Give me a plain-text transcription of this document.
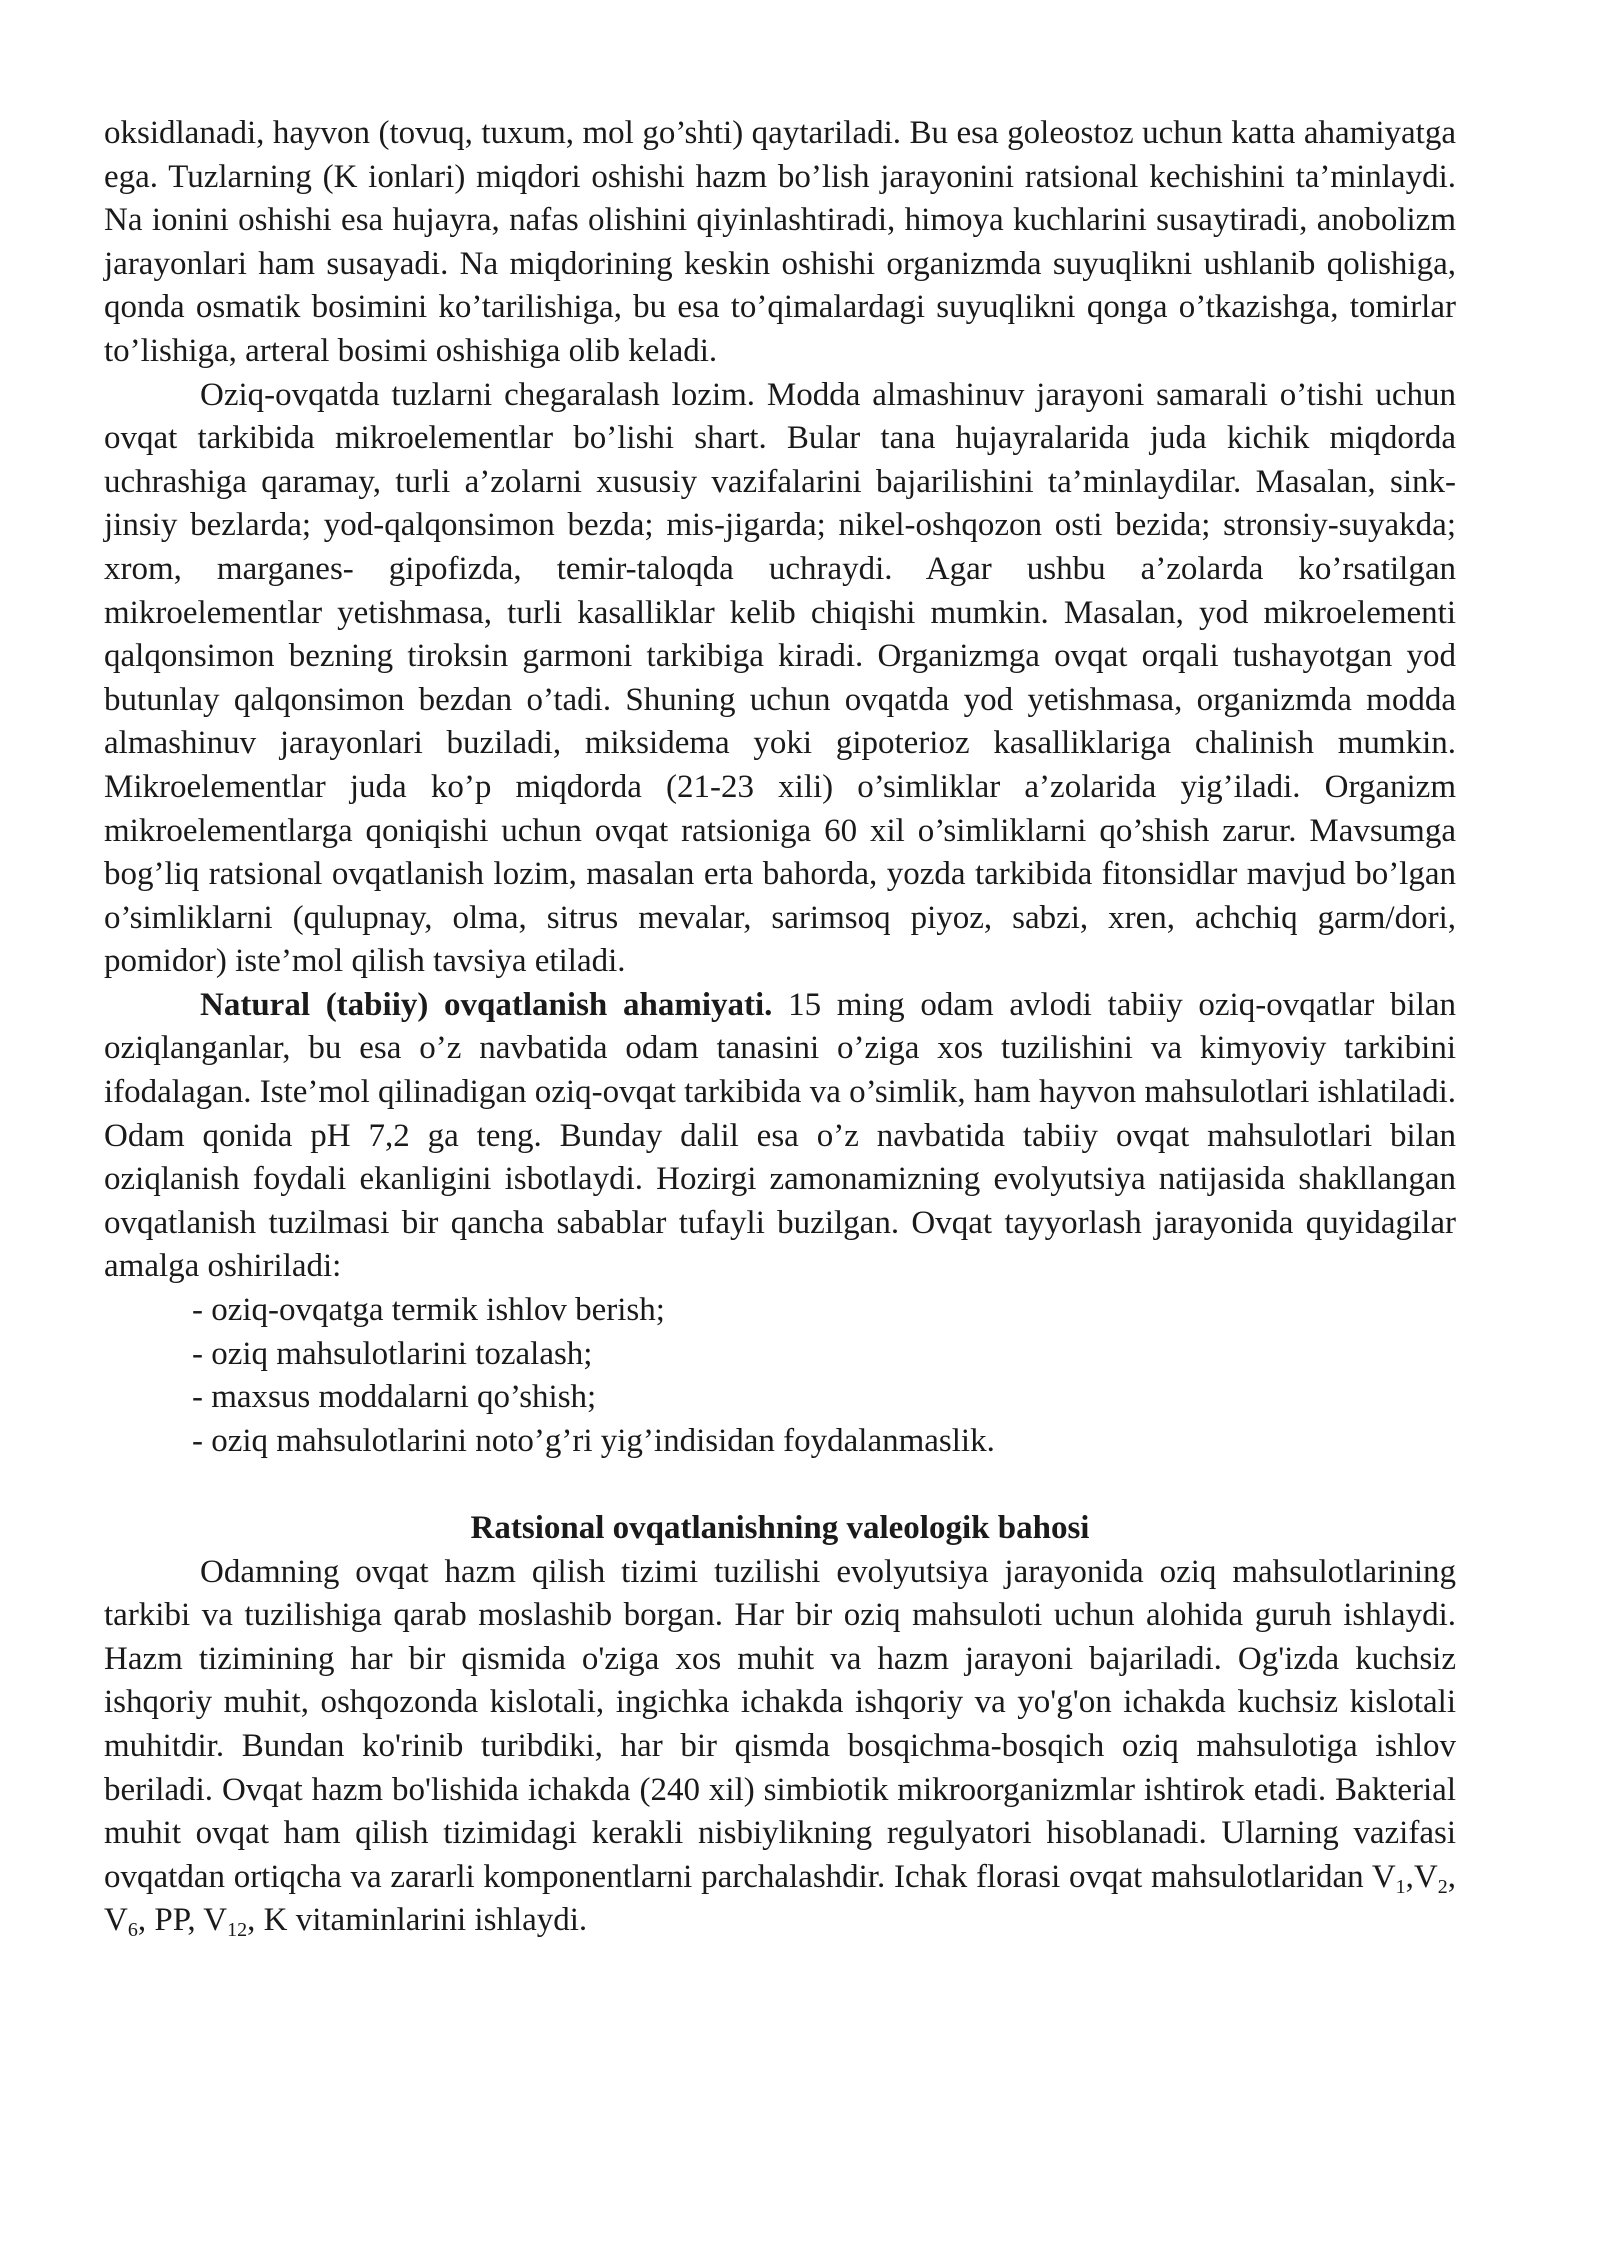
oksidlanadi, hayvon (tovuq, tuxum, mol go’shti) qaytariladi. Bu esa goleostoz uchun katta ahamiyatga ega. Tuzlarning (K ionlari) miqdori oshishi hazm bo’lish jarayonini ratsional kechishini ta’minlaydi. Na ionini oshishi esa hujayra, nafas olishini qiyinlashtiradi, himoya kuchlarini susaytiradi, anobolizm jarayonlari ham susayadi. Na miqdorining keskin oshishi organizmda suyuqlikni ushlanib qolishiga, qonda osmatik bosimini ko’tarilishiga, bu esa to’qimalardagi suyuqlikni qonga o’tkazishga, tomirlar to’lishiga, arteral bosimi oshishiga olib keladi.

Oziq-ovqatda tuzlarni chegaralash lozim. Modda almashinuv jarayoni samarali o’tishi uchun ovqat tarkibida mikroelementlar bo’lishi shart. Bular tana hujayralarida juda kichik miqdorda uchrashiga qaramay, turli a’zolarni xususiy vazifalarini bajarilishini ta’minlaydilar. Masalan, sink-jinsiy bezlarda; yod-qalqonsimon bezda; mis-jigarda; nikel-oshqozon osti bezida; stronsiy-suyakda; xrom, marganes- gipofizda, temir-taloqda uchraydi. Agar ushbu a’zolarda ko’rsatilgan mikroelementlar yetishmasa, turli kasalliklar kelib chiqishi mumkin. Masalan, yod mikroelementi qalqonsimon bezning tiroksin garmoni tarkibiga kiradi. Organizmga ovqat orqali tushayotgan yod butunlay qalqonsimon bezdan o’tadi. Shuning uchun ovqatda yod yetishmasa, organizmda modda almashinuv jarayonlari buziladi, miksidema yoki gipoterioz kasalliklariga chalinish mumkin. Mikroelementlar juda ko’p miqdorda (21-23 xili) o’simliklar a’zolarida yig’iladi. Organizm mikroelementlarga qoniqishi uchun ovqat ratsioniga 60 xil o’simliklarni qo’shish zarur. Mavsumga bog’liq ratsional ovqatlanish lozim, masalan erta bahorda, yozda tarkibida fitonsidlar mavjud bo’lgan o’simliklarni (qulupnay, olma, sitrus mevalar, sarimsoq piyoz, sabzi, xren, achchiq garm/dori, pomidor) iste’mol qilish tavsiya etiladi.

Natural (tabiiy) ovqatlanish ahamiyati. 15 ming odam avlodi tabiiy oziq-ovqatlar bilan oziqlanganlar, bu esa o’z navbatida odam tanasini o’ziga xos tuzilishini va kimyoviy tarkibini ifodalagan. Iste’mol qilinadigan oziq-ovqat tarkibida va o’simlik, ham hayvon mahsulotlari ishlatiladi. Odam qonida pH 7,2 ga teng. Bunday dalil esa o’z navbatida tabiiy ovqat mahsulotlari bilan oziqlanish foydali ekanligini isbotlaydi. Hozirgi zamonamizning evolyutsiya natijasida shakllangan ovqatlanish tuzilmasi bir qancha sabablar tufayli buzilgan. Ovqat tayyorlash jarayonida quyidagilar amalga oshiriladi:

- oziq-ovqatga termik ishlov berish;
- oziq mahsulotlarini tozalash;
- maxsus moddalarni qo’shish;
- oziq mahsulotlarini noto’g’ri yig’indisidan foydalanmaslik.

Ratsional ovqatlanishning valeologik bahosi

Odamning ovqat hazm qilish tizimi tuzilishi evolyutsiya jarayonida oziq mahsulotlarining tarkibi va tuzilishiga qarab moslashib borgan. Har bir oziq mahsuloti uchun alohida guruh ishlaydi. Hazm tizimining har bir qismida o'ziga xos muhit va hazm jarayoni bajariladi. Og'izda kuchsiz ishqoriy muhit, oshqozonda kislotali, ingichka ichakda ishqoriy va yo'g'on ichakda kuchsiz kislotali muhitdir. Bundan ko'rinib turibdiki, har bir qismda bosqichma-bosqich oziq mahsulotiga ishlov beriladi. Ovqat hazm bo'lishida ichakda (240 xil) simbiotik mikroorganizmlar ishtirok etadi. Bakterial muhit ovqat ham qilish tizimidagi kerakli nisbiylikning regulyatori hisoblanadi. Ularning vazifasi ovqatdan ortiqcha va zararli komponentlarni parchalashdir. Ichak florasi ovqat mahsulotlaridan $V_1,V_2$, $V_6$, PP, $V_{12}$, K vitaminlarini ishlaydi.
